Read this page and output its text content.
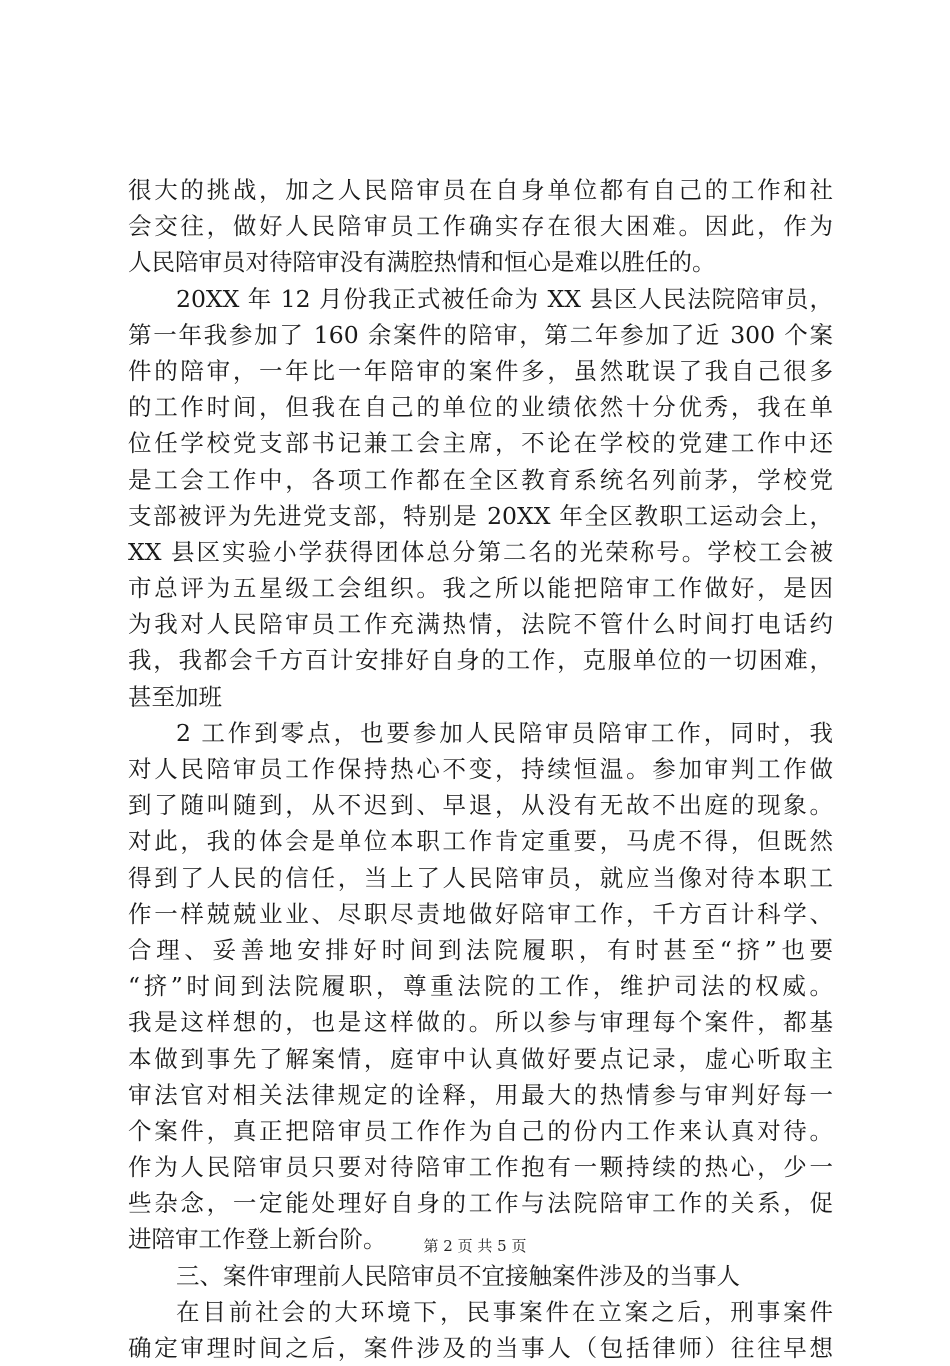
很大的挑战，加之人民陪审员在自身单位都有自己的工作和社
会交往，做好人民陪审员工作确实存在很大困难。因此，作为
人民陪审员对待陪审没有满腔热情和恒心是难以胜任的。
20XX 年 12 月份我正式被任命为 XX 县区人民法院陪审员，
第一年我参加了 160 余案件的陪审，第二年参加了近 300 个案
件的陪审，一年比一年陪审的案件多，虽然耽误了我自己很多
的工作时间，但我在自己的单位的业绩依然十分优秀，我在单
位任学校党支部书记兼工会主席，不论在学校的党建工作中还
是工会工作中，各项工作都在全区教育系统名列前茅，学校党
支部被评为先进党支部，特别是 20XX 年全区教职工运动会上，
XX 县区实验小学获得团体总分第二名的光荣称号。学校工会被
市总评为五星级工会组织。我之所以能把陪审工作做好，是因
为我对人民陪审员工作充满热情，法院不管什么时间打电话约
我，我都会千方百计安排好自身的工作，克服单位的一切困难，
甚至加班
2 工作到零点，也要参加人民陪审员陪审工作，同时，我
对人民陪审员工作保持热心不变，持续恒温。参加审判工作做
到了随叫随到，从不迟到、早退，从没有无故不出庭的现象。
对此，我的体会是单位本职工作肯定重要，马虎不得，但既然
得到了人民的信任，当上了人民陪审员，就应当像对待本职工
作一样兢兢业业、尽职尽责地做好陪审工作，千方百计科学、
合理、妥善地安排好时间到法院履职，有时甚至“挤”也要
“挤”时间到法院履职，尊重法院的工作，维护司法的权威。
我是这样想的，也是这样做的。所以参与审理每个案件，都基
本做到事先了解案情，庭审中认真做好要点记录，虚心听取主
审法官对相关法律规定的诠释，用最大的热情参与审判好每一
个案件，真正把陪审员工作作为自己的份内工作来认真对待。
作为人民陪审员只要对待陪审工作抱有一颗持续的热心，少一
些杂念，一定能处理好自身的工作与法院陪审工作的关系，促
进陪审工作登上新台阶。
三、案件审理前人民陪审员不宜接触案件涉及的当事人
在目前社会的大环境下，民事案件在立案之后，刑事案件
确定审理时间之后，案件涉及的当事人（包括律师）往往早想
第 2 页 共 5 页
